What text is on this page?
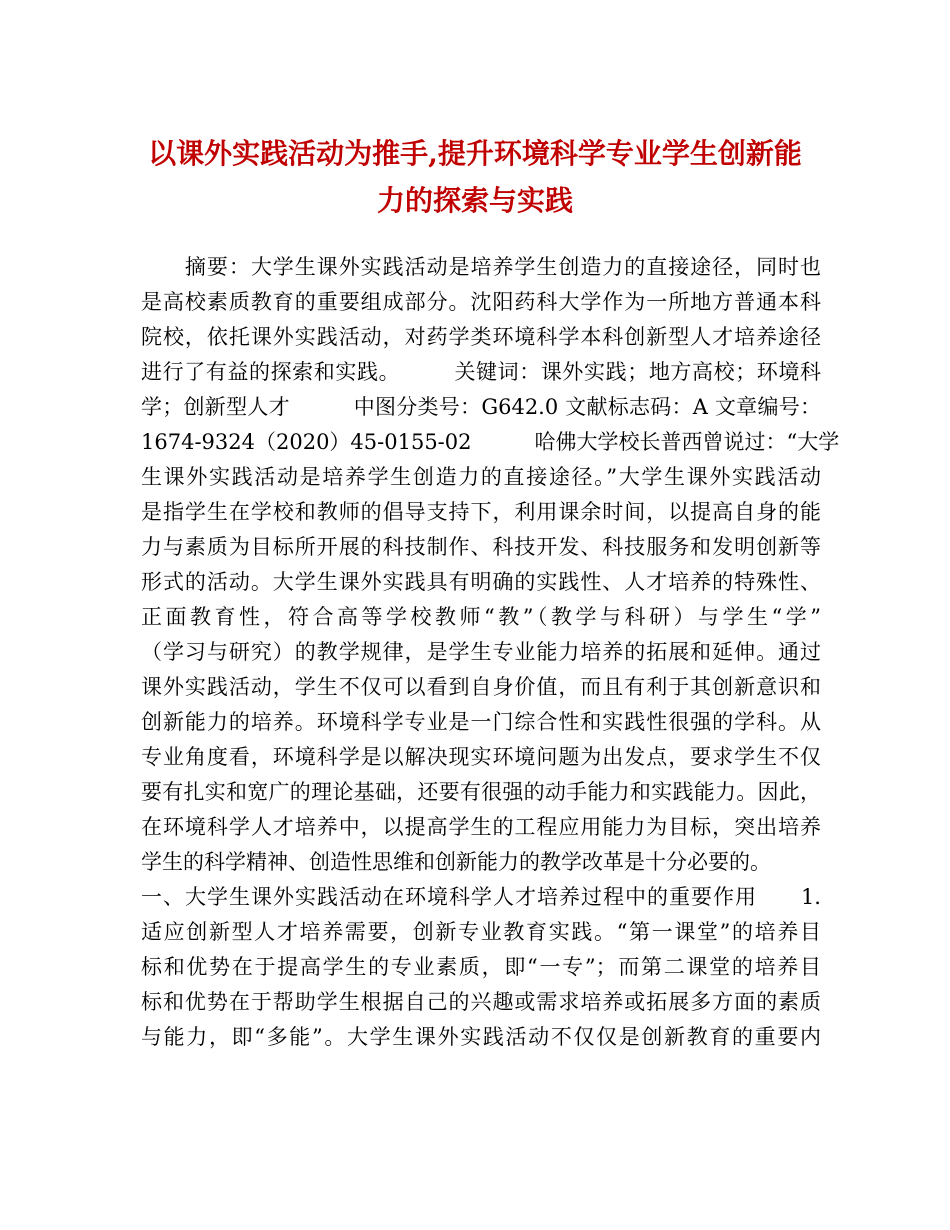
以课外实践活动为推手,提升环境科学专业学生创新能
力的探索与实践
　　摘要：大学生课外实践活动是培养学生创造力的直接途径，同时也
是高校素质教育的重要组成部分。沈阳药科大学作为一所地方普通本科
院校，依托课外实践活动，对药学类环境科学本科创新型人才培养途径
进行了有益的探索和实践。　　　关键词：课外实践；地方高校；环境科
学；创新型人才　　　中图分类号：G642.0 文献标志码：A 文章编号：
1674-9324（2020）45-0155-02　　　哈佛大学校长普西曾说过：“大学
生课外实践活动是培养学生创造力的直接途径。”大学生课外实践活动
是指学生在学校和教师的倡导支持下，利用课余时间，以提高自身的能
力与素质为目标所开展的科技制作、科技开发、科技服务和发明创新等
形式的活动。大学生课外实践具有明确的实践性、人才培养的特殊性、
正面教育性，符合高等学校教师“教”（教学与科研）与学生“学”
（学习与研究）的教学规律，是学生专业能力培养的拓展和延伸。通过
课外实践活动，学生不仅可以看到自身价值，而且有利于其创新意识和
创新能力的培养。环境科学专业是一门综合性和实践性很强的学科。从
专业角度看，环境科学是以解决现实环境问题为出发点，要求学生不仅
要有扎实和宽广的理论基础，还要有很强的动手能力和实践能力。因此，
在环境科学人才培养中，以提高学生的工程应用能力为目标，突出培养
学生的科学精神、创造性思维和创新能力的教学改革是十分必要的。
一、大学生课外实践活动在环境科学人才培养过程中的重要作用　　1.
适应创新型人才培养需要，创新专业教育实践。“第一课堂”的培养目
标和优势在于提高学生的专业素质，即“一专”；而第二课堂的培养目
标和优势在于帮助学生根据自己的兴趣或需求培养或拓展多方面的素质
与能力，即“多能”。大学生课外实践活动不仅仅是创新教育的重要内
